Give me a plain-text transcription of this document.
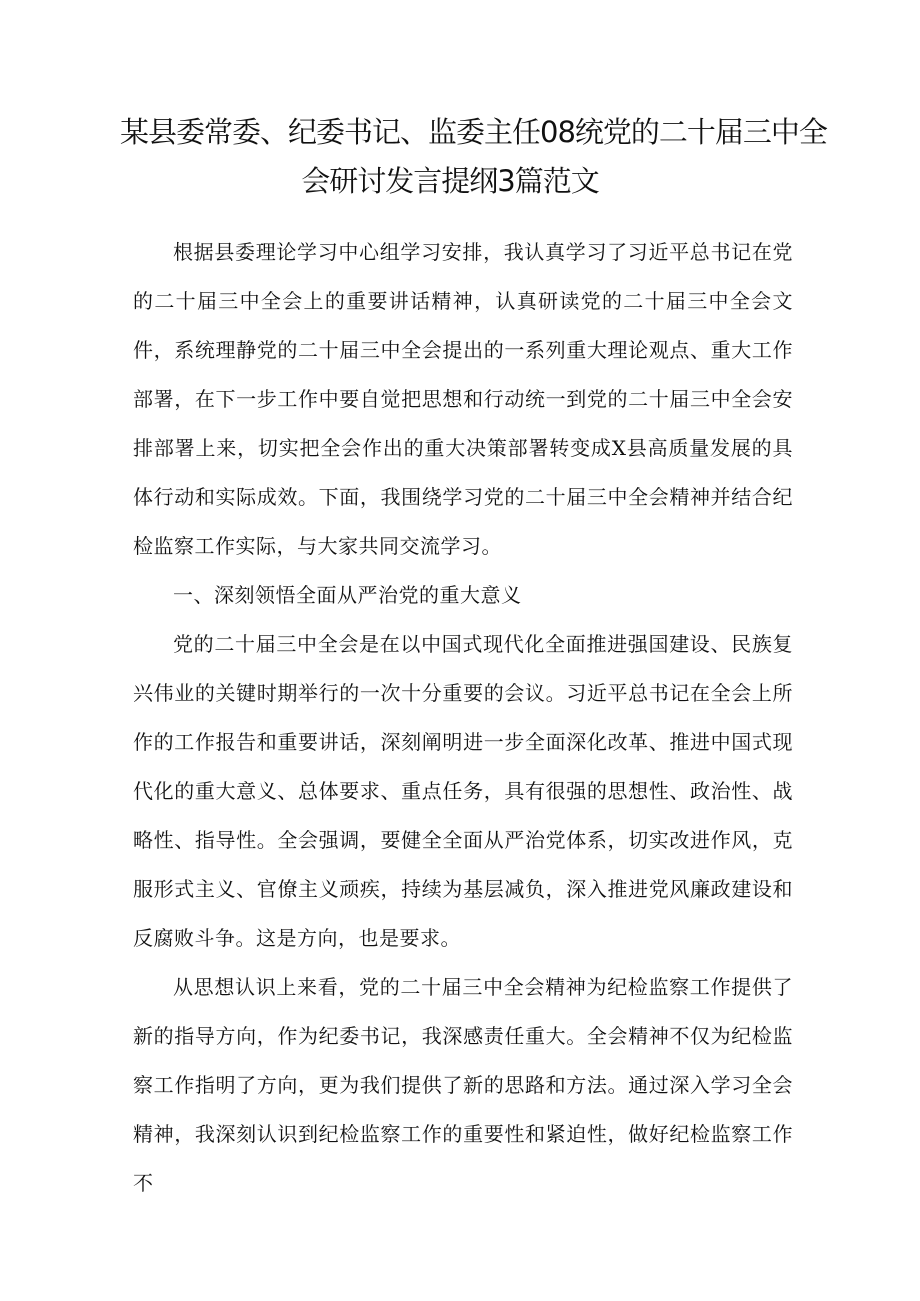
某县委常委、纪委书记、监委主任08统党的二十届三中全
会研讨发言提纲3篇范文

根据县委理论学习中心组学习安排，我认真学习了习近平总书记在党的二十届三中全会上的重要讲话精神，认真研读党的二十届三中全会文件，系统理静党的二十届三中全会提出的一系列重大理论观点、重大工作部署，在下一步工作中要自觉把思想和行动统一到党的二十届三中全会安排部署上来，切实把全会作出的重大决策部署转变成X县高质量发展的具体行动和实际成效。下面，我围绕学习党的二十届三中全会精神并结合纪检监察工作实际，与大家共同交流学习。

一、深刻领悟全面从严治党的重大意义

党的二十届三中全会是在以中国式现代化全面推进强国建设、民族复兴伟业的关键时期举行的一次十分重要的会议。习近平总书记在全会上所作的工作报告和重要讲话，深刻阐明进一步全面深化改革、推进中国式现代化的重大意义、总体要求、重点任务，具有很强的思想性、政治性、战略性、指导性。全会强调，要健全全面从严治党体系，切实改进作风，克服形式主义、官僚主义顽疾，持续为基层减负，深入推进党风廉政建设和反腐败斗争。这是方向，也是要求。

从思想认识上来看，党的二十届三中全会精神为纪检监察工作提供了新的指导方向，作为纪委书记，我深感责任重大。全会精神不仅为纪检监察工作指明了方向，更为我们提供了新的思路和方法。通过深入学习全会精神，我深刻认识到纪检监察工作的重要性和紧迫性，做好纪检监察工作不
